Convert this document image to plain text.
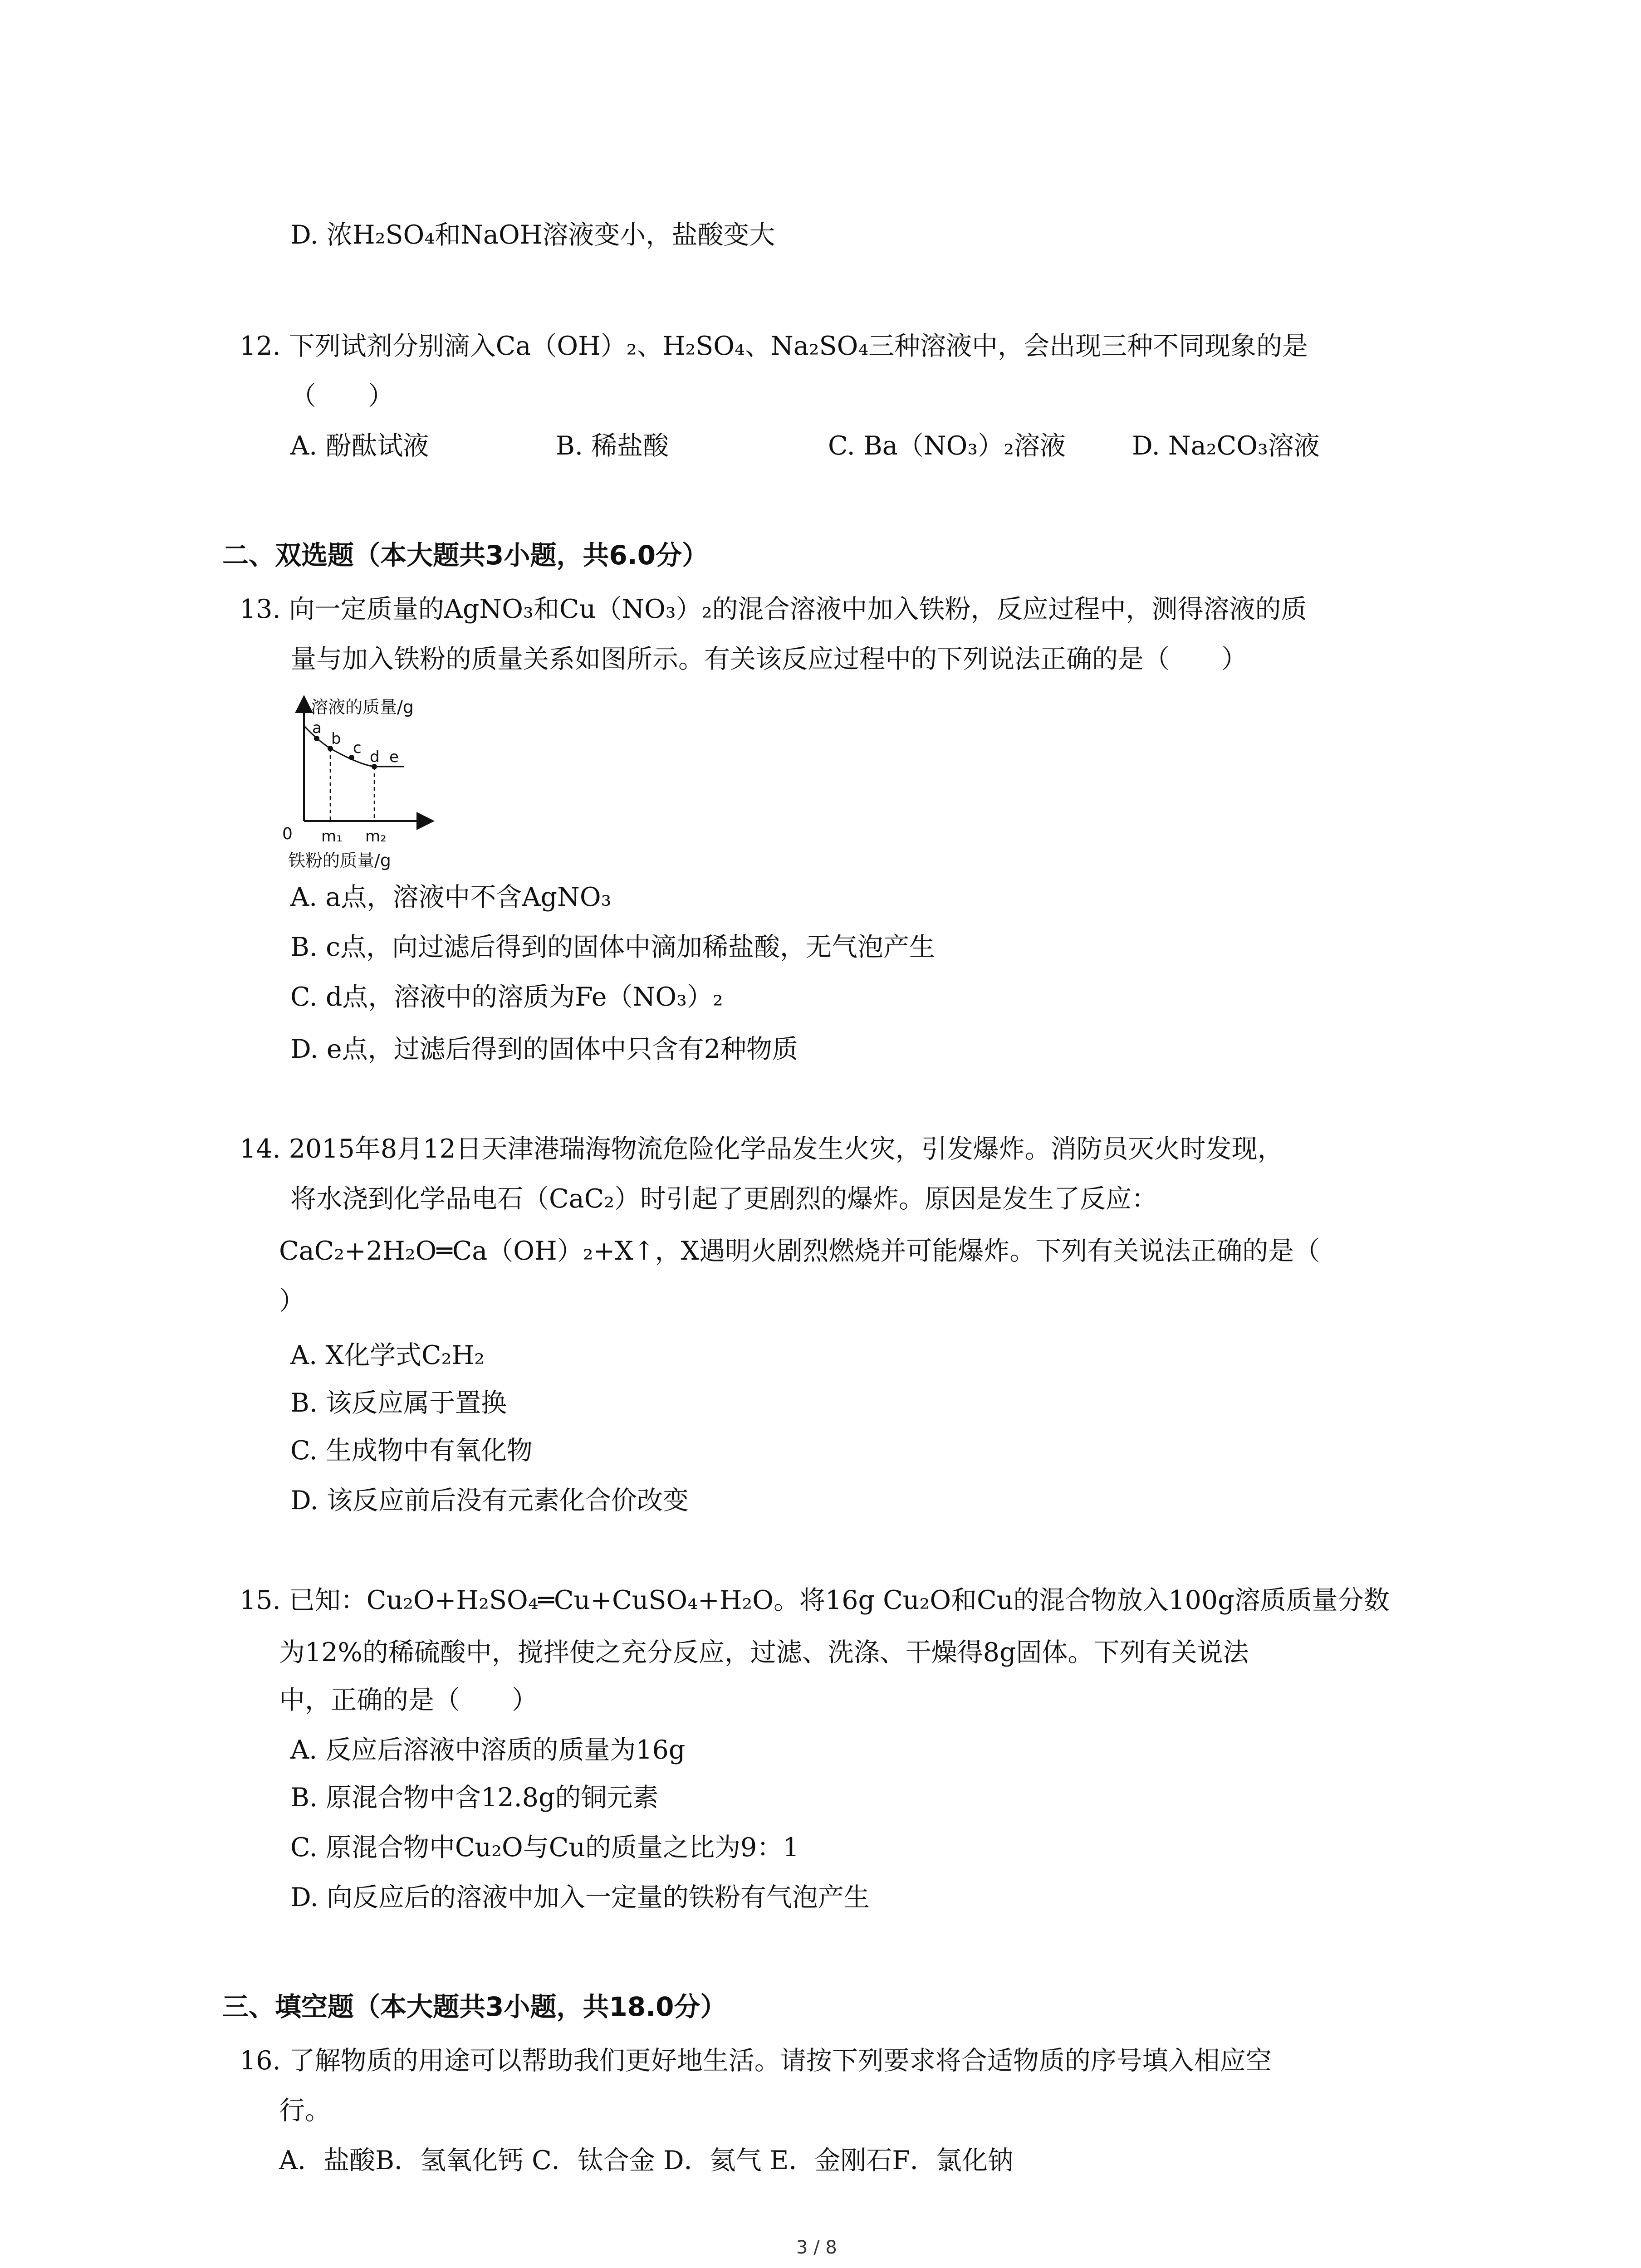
D. 浓H₂SO₄和NaOH溶液变小，盐酸变大
12. 下列试剂分别滴入Ca（OH）₂、H₂SO₄、Na₂SO₄三种溶液中，会出现三种不同现象的是
（　　）
A. 酚酞试液	B. 稀盐酸	C. Ba（NO₃）₂溶液	D. Na₂CO₃溶液
二、双选题（本大题共3小题，共6.0分）
13. 向一定质量的AgNO₃和Cu（NO₃）₂的混合溶液中加入铁粉，反应过程中，测得溶液的质
量与加入铁粉的质量关系如图所示。有关该反应过程中的下列说法正确的是（　　）
溶液的质量/g
a
b c d e
0 m₁ m₂
铁粉的质量/g
A. a点，溶液中不含AgNO₃
B. c点，向过滤后得到的固体中滴加稀盐酸，无气泡产生
C. d点，溶液中的溶质为Fe（NO₃）₂
D. e点，过滤后得到的固体中只含有2种物质
14. 2015年8月12日天津港瑞海物流危险化学品发生火灾，引发爆炸。消防员灭火时发现，
将水浇到化学品电石（CaC₂）时引起了更剧烈的爆炸。原因是发生了反应：
CaC₂+2H₂O═Ca（OH）₂+X↑，X遇明火剧烈燃烧并可能爆炸。下列有关说法正确的是（
）
A. X化学式C₂H₂
B. 该反应属于置换
C. 生成物中有氧化物
D. 该反应前后没有元素化合价改变
15. 已知：Cu₂O+H₂SO₄═Cu+CuSO₄+H₂O。将16g Cu₂O和Cu的混合物放入100g溶质质量分数
为12%的稀硫酸中，搅拌使之充分反应，过滤、洗涤、干燥得8g固体。下列有关说法
中，正确的是（　　）
A. 反应后溶液中溶质的质量为16g
B. 原混合物中含12.8g的铜元素
C. 原混合物中Cu₂O与Cu的质量之比为9：1
D. 向反应后的溶液中加入一定量的铁粉有气泡产生
三、填空题（本大题共3小题，共18.0分）
16. 了解物质的用途可以帮助我们更好地生活。请按下列要求将合适物质的序号填入相应空
行。
A．盐酸B．氢氧化钙 C．钛合金 D．氦气 E．金刚石F．氯化钠
3 / 8
